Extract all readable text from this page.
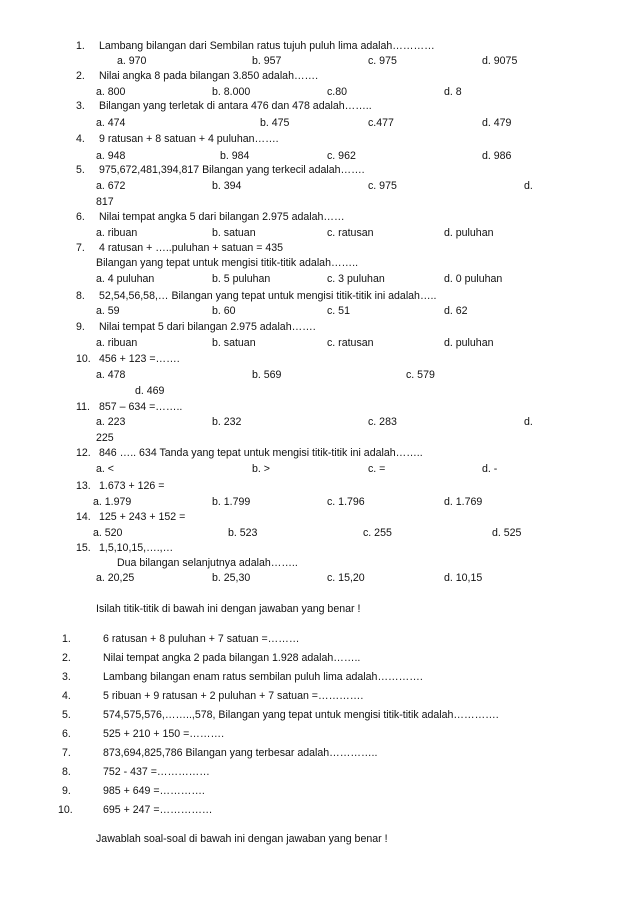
1. Lambang bilangan dari Sembilan ratus tujuh puluh lima adalah…………
a. 970	b. 957	c. 975	d. 9075
2. Nilai angka 8 pada bilangan 3.850 adalah…….
a. 800	b. 8.000	c.80	d. 8
3. Bilangan yang terletak di antara 476 dan 478 adalah……..
a. 474	b. 475	c.477	d. 479
4. 9 ratusan + 8 satuan + 4 puluhan…….
a. 948	b. 984	c. 962	d. 986
5. 975,672,481,394,817 Bilangan yang terkecil adalah…….
a. 672	b. 394	c. 975	d.
817
6. Nilai tempat angka 5 dari bilangan 2.975 adalah……
a. ribuan	b. satuan	c. ratusan	d. puluhan
7. 4 ratusan + …..puluhan + satuan = 435
Bilangan yang tepat untuk mengisi titik-titik adalah……..
a. 4 puluhan	b. 5 puluhan	c. 3 puluhan	d. 0 puluhan
8. 52,54,56,58,… Bilangan yang tepat untuk mengisi titik-titik ini adalah…..
a. 59	b. 60	c. 51	d. 62
9. Nilai tempat 5 dari bilangan 2.975 adalah…….
a. ribuan	b. satuan	c. ratusan	d. puluhan
10. 456 + 123 =…….
a. 478	b. 569	c. 579
d. 469
11. 857 – 634 =……..
a. 223	b. 232	c. 283	d.
225
12. 846 ….. 634 Tanda yang tepat untuk mengisi titik-titik ini adalah……..
a. <	b. >	c. =	d. -
13. 1.673 + 126 =
a. 1.979	b. 1.799	c. 1.796	d. 1.769
14. 125 + 243 + 152 =
a. 520	b. 523	c. 255	d. 525
15. 1,5,10,15,….,…
Dua bilangan selanjutnya adalah……..
a. 20,25	b. 25,30	c. 15,20	d. 10,15
Isilah titik-titik di bawah ini dengan jawaban yang benar !
1.	6 ratusan + 8 puluhan + 7 satuan =………
2.	Nilai tempat angka 2 pada bilangan 1.928 adalah……..
3.	Lambang bilangan enam ratus sembilan puluh lima adalah………….
4.	5 ribuan + 9 ratusan + 2 puluhan + 7 satuan =………….
5.	574,575,576,……..,578, Bilangan yang tepat untuk mengisi titik-titik adalah………….
6.	525 + 210 + 150 =……….
7.	873,694,825,786 Bilangan yang terbesar adalah…………..
8.	752 - 437 =……………
9.	985 + 649 =………….
10.	695 + 247 =……………
Jawablah soal-soal di bawah ini dengan jawaban yang benar !
